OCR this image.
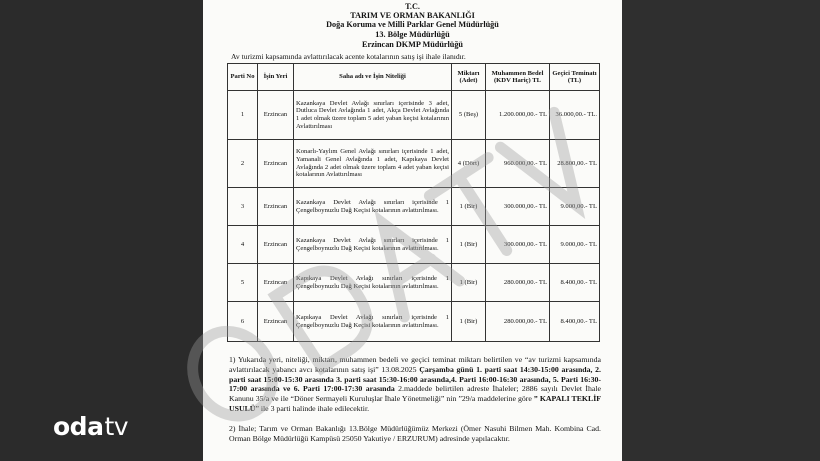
T.C.
TARIM VE ORMAN BAKANLIĞI
Doğa Koruma ve Milli Parklar Genel Müdürlüğü
13. Bölge Müdürlüğü
Erzincan DKMP Müdürlüğü
Av turizmi kapsamında avlattırılacak acente kotalarının satış işi ihale ilanıdır.
Parti No	İşin Yeri	Saha adı ve İşin Niteliği	Miktarı (Adet)	Muhammen Bedel (KDV Hariç) TL	Geçici Teminatı (TL)
1	Erzincan	Kazankaya Devlet Avlağı sınırları içerisinde 3 adet, Dutluca Devlet Avlağında 1 adet, Akça Devlet Avlağında 1 adet olmak üzere toplam 5 adet yaban keçisi kotalarının Avlattırılması	5 (Beş)	1.200.000,00.- TL	36.000,00.- TL.
2	Erzincan	Konarlı-Yaylım Genel Avlağı sınırları içerisinde 1 adet, Yamanali Genel Avlağında 1 adet, Kapıkaya Devlet Avlağında 2 adet olmak üzere toplam 4 adet yaban keçisi kotalarının Avlattırılması	4 (Dört)	960.000,00.- TL	28.800,00.- TL
3	Erzincan	Kazankaya Devlet Avlağı sınırları içerisinde 1 Çengelboynuzlu Dağ Keçisi kotalarının avlattırılması.	1 (Bir)	300.000,00.- TL	9.000,00.- TL
4	Erzincan	Kazankaya Devlet Avlağı sınırları içerisinde 1 Çengelboynuzlu Dağ Keçisi kotalarının avlattırılması.	1 (Bir)	300.000,00.- TL	9.000,00.- TL
5	Erzincan	Kapıkaya Devlet Avlağı sınırları içerisinde 1 Çengelboynuzlu Dağ Keçisi kotalarının avlattırılması.	1 (Bir)	280.000,00.- TL	8.400,00.- TL
6	Erzincan	Kapıkaya Devlet Avlağı sınırları içerisinde 1 Çengelboynuzlu Dağ Keçisi kotalarının avlattırılması.	1 (Bir)	280.000,00.- TL	8.400,00.- TL
1) Yukarıda yeri, niteliği, miktarı, muhammen bedeli ve geçici teminat miktarı belirtilen ve “av turizmi kapsamında avlattırılacak yabancı avcı kotalarının satış işi” 13.08.2025 Çarşamba günü 1. parti saat 14:30-15:00 arasında, 2. parti saat 15:00-15:30 arasında 3. parti saat 15:30-16:00 arasında,4. Parti 16:00-16:30 arasında, 5. Parti 16:30-17:00 arasında ve 6. Parti 17:00-17:30 arasında 2.maddede belirtilen adreste İhaleler; 2886 sayılı Devlet İhale Kanunu 35/a ve ile “Döner Sermayeli Kuruluşlar İhale Yönetmeliği” nin ”29/a maddelerine göre ” KAPALI TEKLİF USULÜ” ile 3 parti halinde ihale edilecektir.
2) İhale; Tarım ve Orman Bakanlığı 13.Bölge Müdürlüğümüz Merkezi (Ömer Nasuhi Bilmen Mah. Kombina Cad. Orman Bölge Müdürlüğü Kampüsü 25050 Yakutiye / ERZURUM) adresinde yapılacaktır.
odatv
